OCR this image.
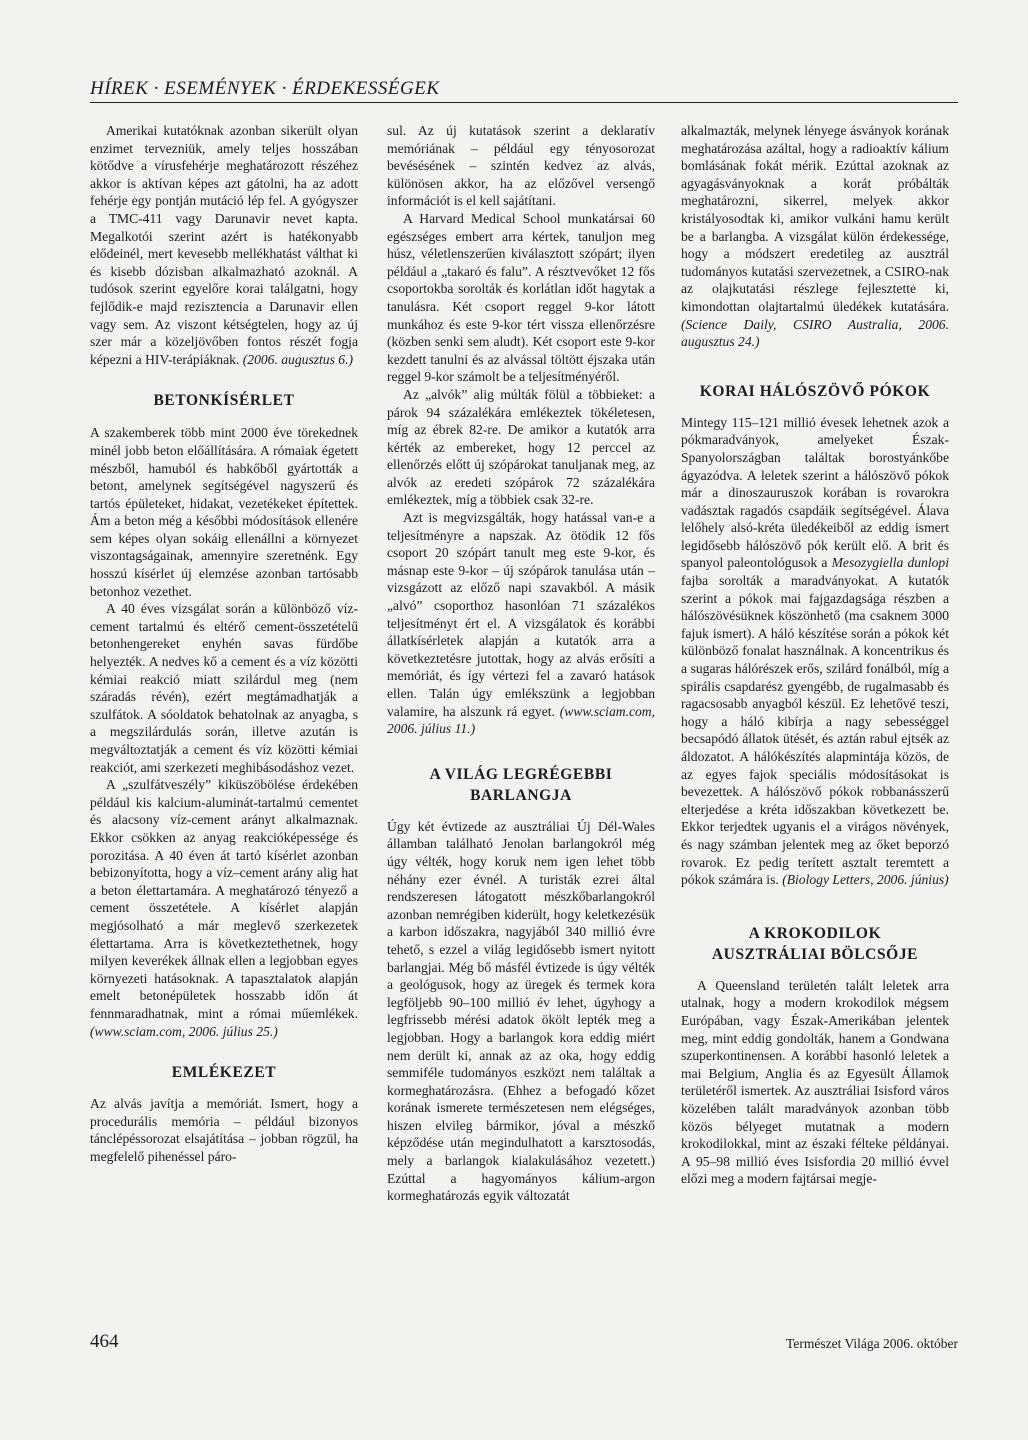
HÍREK · ESEMÉNYEK · ÉRDEKESSÉGEK

Amerikai kutatóknak azonban sikerült olyan enzimet tervezniük, amely teljes hosszában kötődve a vírusfehérje meghatározott részéhez akkor is aktívan képes azt gátolni, ha az adott fehérje egy pontján mutáció lép fel. A gyógyszer a TMC-411 vagy Darunavir nevet kapta. Megalkotói szerint azért is hatékonyabb elődeinél, mert kevesebb mellékhatást válthat ki és kisebb dózisban alkalmazható azoknál. A tudósok szerint egyelőre korai találgatni, hogy fejlődik-e majd rezisztencia a Darunavir ellen vagy sem. Az viszont kétségtelen, hogy az új szer már a közeljövőben fontos részét fogja képezni a HIV-terápiáknak. (2006. augusztus 6.)

BETONKÍSÉRLET

A szakemberek több mint 2000 éve törekednek minél jobb beton előállítására. A rómaiak égetett mészből, hamuból és habkőből gyártották a betont, amelynek segítségével nagyszerű és tartós épületeket, hidakat, vezetékeket építettek. Ám a beton még a későbbi módosítások ellenére sem képes olyan sokáig ellenállni a környezet viszontagságainak, amennyire szeretnénk. Egy hosszú kísérlet új elemzése azonban tartósabb betonhoz vezethet.

A 40 éves vizsgálat során a különböző víz-cement tartalmú és eltérő cement-összetételű betonhengereket enyhén savas fürdőbe helyezték. A nedves kő a cement és a víz közötti kémiai reakció miatt szilárdul meg (nem száradás révén), ezért megtámadhatják a szulfátok. A sóoldatok behatolnak az anyagba, s a megszilárdulás során, illetve azután is megváltoztatják a cement és víz közötti kémiai reakciót, ami szerkezeti meghibásodáshoz vezet.

A „szulfátveszély” kiküszöbölése érdekében például kis kalcium-aluminát-tartalmú cementet és alacsony víz-cement arányt alkalmaznak. Ekkor csökken az anyag reakcióképessége és porozitása. A 40 éven át tartó kísérlet azonban bebizonyította, hogy a víz–cement arány alig hat a beton élettartamára. A meghatározó tényező a cement összetétele. A kísérlet alapján megjósolható a már meglevő szerkezetek élettartama. Arra is következtethetnek, hogy milyen keverékek állnak ellen a legjobban egyes környezeti hatásoknak. A tapasztalatok alapján emelt betonépületek hosszabb időn át fennmaradhatnak, mint a római műemlékek. (www.sciam.com, 2006. július 25.)

EMLÉKEZET

Az alvás javítja a memóriát. Ismert, hogy a procedurális memória – például bizonyos tánclépéssorozat elsajátítása – jobban rögzül, ha megfelelő pihenéssel páro-

sul. Az új kutatások szerint a deklaratív memóriának – például egy tényosorozat bevésésének – szintén kedvez az alvás, különösen akkor, ha az előzővel versengő információt is el kell sajátítani.

A Harvard Medical School munkatársai 60 egészséges embert arra kértek, tanuljon meg húsz, véletlenszerűen kiválasztott szópárt; ilyen például a „takaró és falu”. A résztvevőket 12 fős csoportokba sorolták és korlátlan időt hagytak a tanulásra. Két csoport reggel 9-kor látott munkához és este 9-kor tért vissza ellenőrzésre (közben senki sem aludt). Két csoport este 9-kor kezdett tanulni és az alvással töltött éjszaka után reggel 9-kor számolt be a teljesítményéről.

Az „alvók” alig múlták fölül a többieket: a párok 94 százalékára emlékeztek tökéletesen, míg az ébrek 82-re. De amikor a kutatók arra kérték az embereket, hogy 12 perccel az ellenőrzés előtt új szópárokat tanuljanak meg, az alvók az eredeti szópárok 72 százalékára emlékeztek, míg a többiek csak 32-re.

Azt is megvizsgálták, hogy hatással van-e a teljesítményre a napszak. Az ötödik 12 fős csoport 20 szópárt tanult meg este 9-kor, és másnap este 9-kor – új szópárok tanulása után – vizsgázott az előző napi szavakból. A másik „alvó” csoporthoz hasonlóan 71 százalékos teljesítményt ért el. A vizsgálatok és korábbi állatkísérletek alapján a kutatók arra a következtetésre jutottak, hogy az alvás erősíti a memóriát, és így vértezi fel a zavaró hatások ellen. Talán úgy emlékszünk a legjobban valamire, ha alszunk rá egyet. (www.sciam.com, 2006. július 11.)

A VILÁG LEGRÉGEBBI
BARLANGJA

Úgy két évtizede az ausztráliai Új Dél-Wales államban található Jenolan barlangokról még úgy vélték, hogy koruk nem igen lehet több néhány ezer évnél. A turisták ezrei által rendszeresen látogatott mészkőbarlangokról azonban nemrégiben kiderült, hogy keletkezésük a karbon időszakra, nagyjából 340 millió évre tehető, s ezzel a világ legidősebb ismert nyitott barlangjai. Még bő másfél évtizede is úgy vélték a geológusok, hogy az üregek és termek kora legföljebb 90–100 millió év lehet, úgyhogy a legfrissebb mérési adatok ökölt lepték meg a legjobban. Hogy a barlangok kora eddig miért nem derült ki, annak az az oka, hogy eddig semmiféle tudományos eszközt nem találtak a kormeghatározásra. (Ehhez a befogadó kőzet korának ismerete természetesen nem elégséges, hiszen elvileg bármikor, jóval a mészkő képződése után megindulhatott a karsztosodás, mely a barlangok kialakulásához vezetett.) Ezúttal a hagyományos kálium-argon kormeghatározás egyik változatát

alkalmazták, melynek lényege ásványok korának meghatározása azáltal, hogy a radioaktív kálium bomlásának fokát mérik. Ezúttal azoknak az agyagásványoknak a korát próbálták meghatározni, sikerrel, melyek akkor kristályosodtak ki, amikor vulkáni hamu került be a barlangba. A vizsgálat külön érdekessége, hogy a módszert eredetileg az ausztrál tudományos kutatási szervezetnek, a CSIRO-nak az olajkutatási részlege fejlesztette ki, kimondottan olajtartalmú üledékek kutatására. (Science Daily, CSIRO Australia, 2006. augusztus 24.)

KORAI HÁLÓSZÖVŐ PÓKOK

Mintegy 115–121 millió évesek lehetnek azok a pókmaradványok, amelyeket Észak-Spanyolországban találtak borostyánkőbe ágyazódva. A leletek szerint a hálószövő pókok már a dinoszauruszok korában is rovarokra vadásztak ragadós csapdáik segítségével. Álava lelőhely alsó-kréta üledékeiből az eddig ismert legidősebb hálószövő pók került elő. A brit és spanyol paleontológusok a Mesozygiella dunlopi fajba sorolták a maradványokat. A kutatók szerint a pókok mai fajgazdagsága részben a hálószövésüknek köszönhető (ma csaknem 3000 fajuk ismert). A háló készítése során a pókok két különböző fonalat használnak. A koncentrikus és a sugaras hálórészek erős, szilárd fonálból, míg a spirális csapdarész gyengébb, de rugalmasabb és ragacsosabb anyagból készül. Ez lehetővé teszi, hogy a háló kibírja a nagy sebességgel becsapódó állatok ütését, és aztán rabul ejtsék az áldozatot. A hálókészítés alapmintája közös, de az egyes fajok speciális módosításokat is bevezettek. A hálószövő pókok robbanásszerű elterjedése a kréta időszakban következett be. Ekkor terjedtek ugyanis el a virágos növények, és nagy számban jelentek meg az őket beporzó rovarok. Ez pedig terített asztalt teremtett a pókok számára is. (Biology Letters, 2006. június)

A KROKODILOK
AUSZTRÁLIAI BÖLCSŐJE

A Queensland területén talált leletek arra utalnak, hogy a modern krokodilok mégsem Európában, vagy Észak-Amerikában jelentek meg, mint eddig gondolták, hanem a Gondwana szuperkontinensen. A korábbi hasonló leletek a mai Belgium, Anglia és az Egyesült Államok területéről ismertek. Az ausztráliai Isisford város közelében talált maradványok azonban több közös bélyeget mutatnak a modern krokodilokkal, mint az északi félteke példányai. A 95–98 millió éves Isisfordia 20 millió évvel előzi meg a modern fajtársai megje-

464	Természet Világa 2006. október
